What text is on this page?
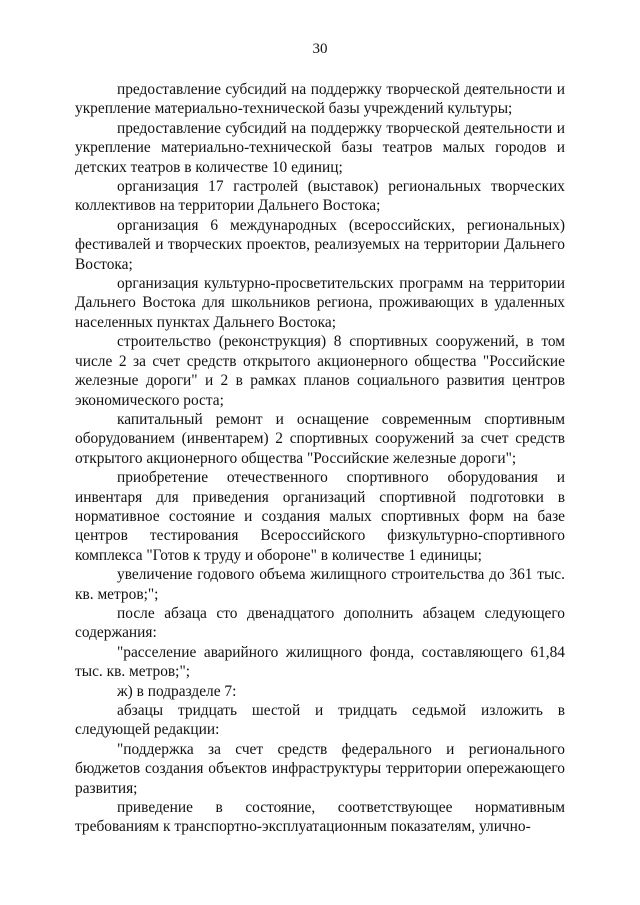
30

предоставление субсидий на поддержку творческой деятельности и укрепление материально-технической базы учреждений культуры;

предоставление субсидий на поддержку творческой деятельности и укрепление материально-технической базы театров малых городов и детских театров в количестве 10 единиц;

организация 17 гастролей (выставок) региональных творческих коллективов на территории Дальнего Востока;

организация 6 международных (всероссийских, региональных) фестивалей и творческих проектов, реализуемых на территории Дальнего Востока;

организация культурно-просветительских программ на территории Дальнего Востока для школьников региона, проживающих в удаленных населенных пунктах Дальнего Востока;

строительство (реконструкция) 8 спортивных сооружений, в том числе 2 за счет средств открытого акционерного общества "Российские железные дороги" и 2 в рамках планов социального развития центров экономического роста;

капитальный ремонт и оснащение современным спортивным оборудованием (инвентарем) 2 спортивных сооружений за счет средств открытого акционерного общества "Российские железные дороги";

приобретение отечественного спортивного оборудования и инвентаря для приведения организаций спортивной подготовки в нормативное состояние и создания малых спортивных форм на базе центров тестирования Всероссийского физкультурно-спортивного комплекса "Готов к труду и обороне" в количестве 1 единицы;

увеличение годового объема жилищного строительства до 361 тыс. кв. метров;";

после абзаца сто двенадцатого дополнить абзацем следующего содержания:

"расселение аварийного жилищного фонда, составляющего 61,84 тыс. кв. метров;";

ж) в подразделе 7:

абзацы тридцать шестой и тридцать седьмой изложить в следующей редакции:

"поддержка за счет средств федерального и регионального бюджетов создания объектов инфраструктуры территории опережающего развития;

приведение в состояние, соответствующее нормативным требованиям к транспортно-эксплуатационным показателям, улично-
